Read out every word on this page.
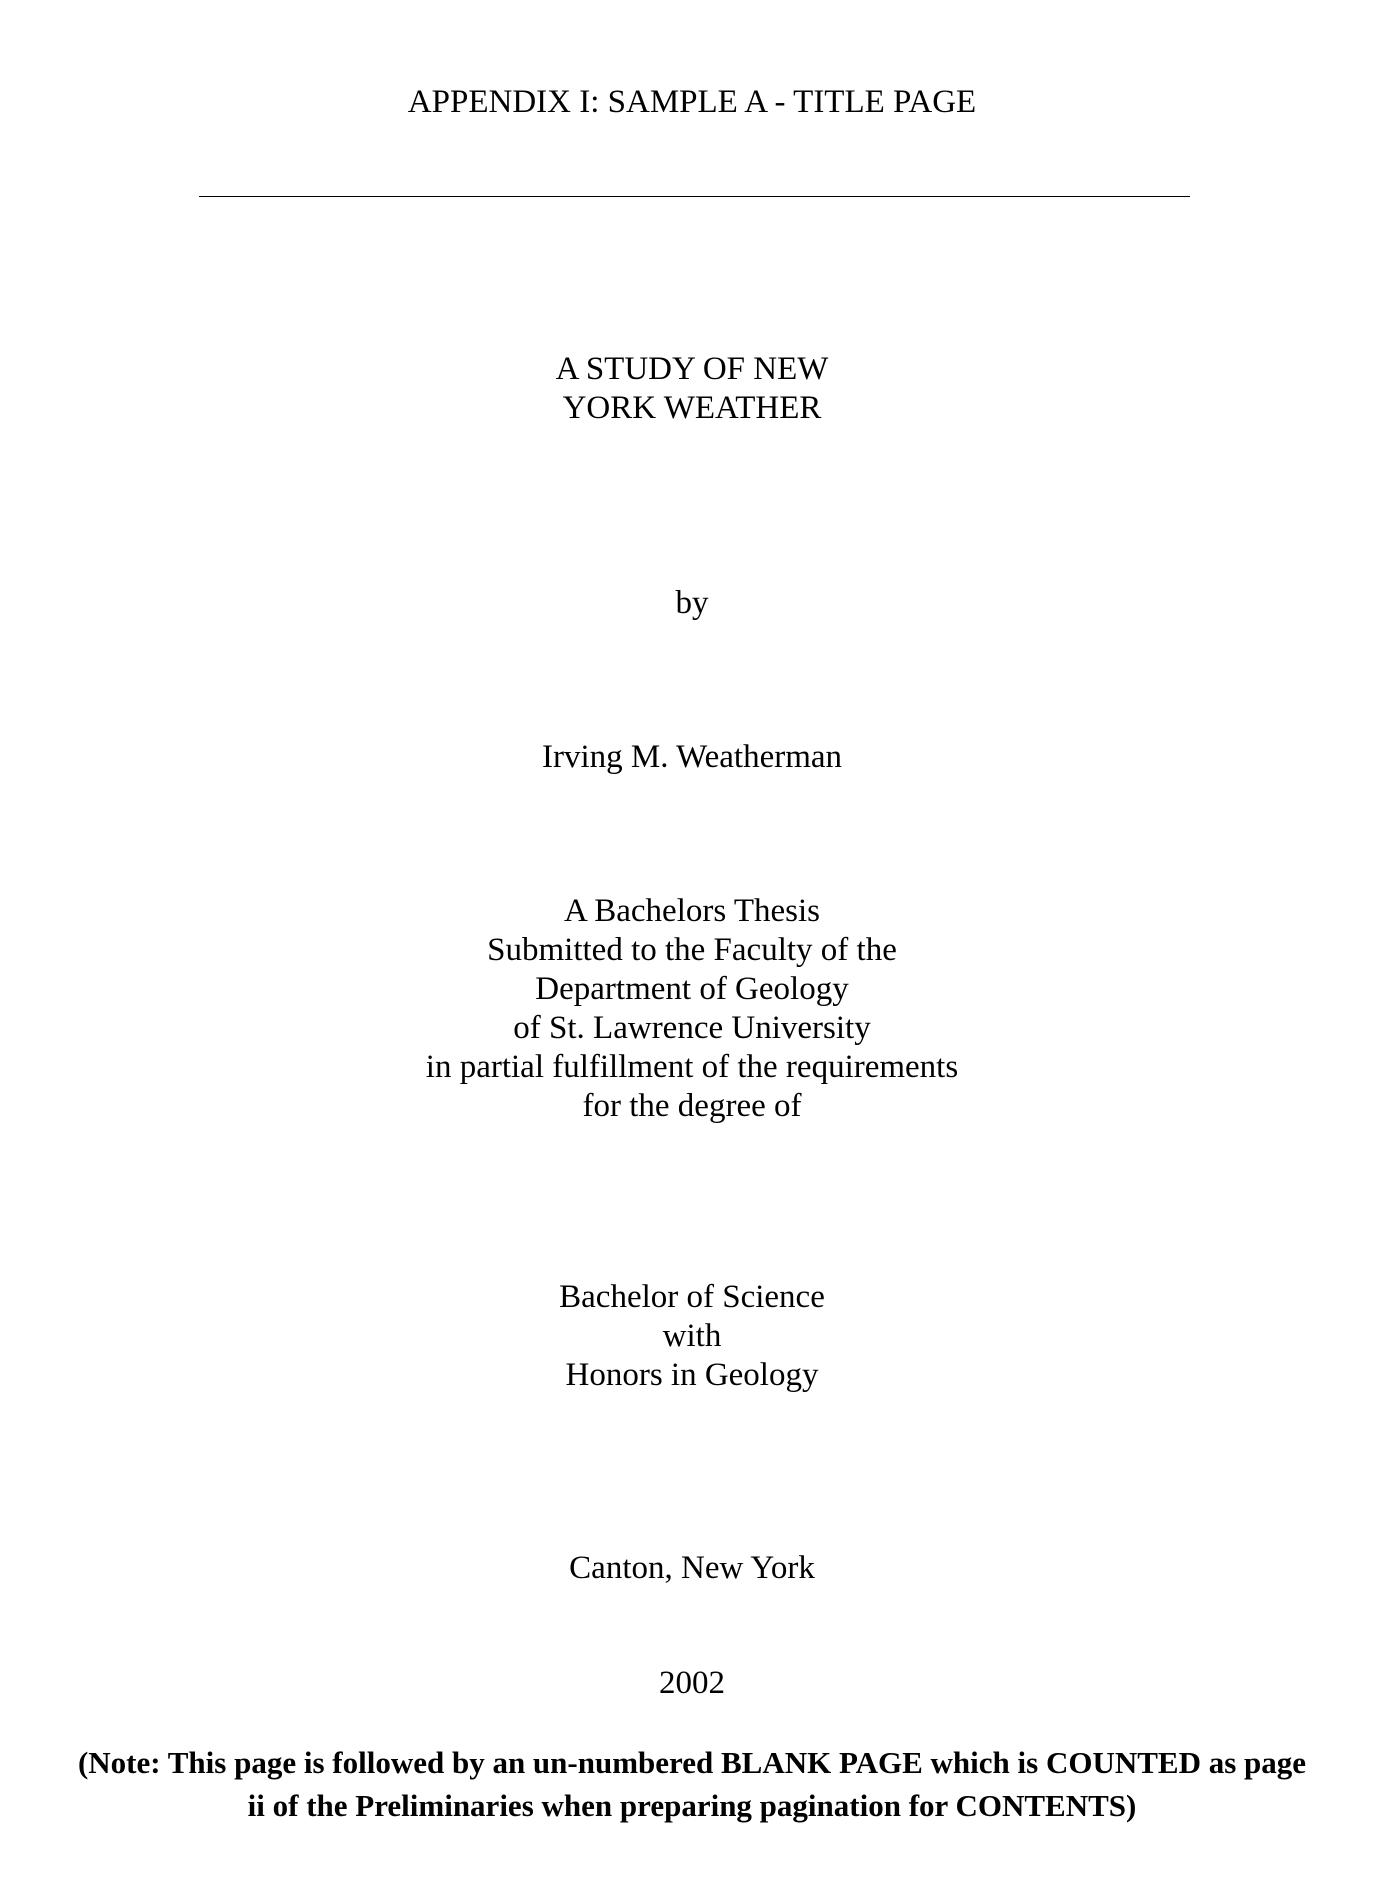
APPENDIX I: SAMPLE A - TITLE PAGE

A STUDY OF NEW
YORK WEATHER

by

Irving M. Weatherman

A Bachelors Thesis
Submitted to the Faculty of the
Department of Geology
of St. Lawrence University
in partial fulfillment of the requirements
for the degree of
Bachelor of Science
with
Honors in Geology

Canton, New York

2002

(Note: This page is followed by an un-numbered BLANK PAGE which is COUNTED as page
ii of the Preliminaries when preparing pagination for CONTENTS)
